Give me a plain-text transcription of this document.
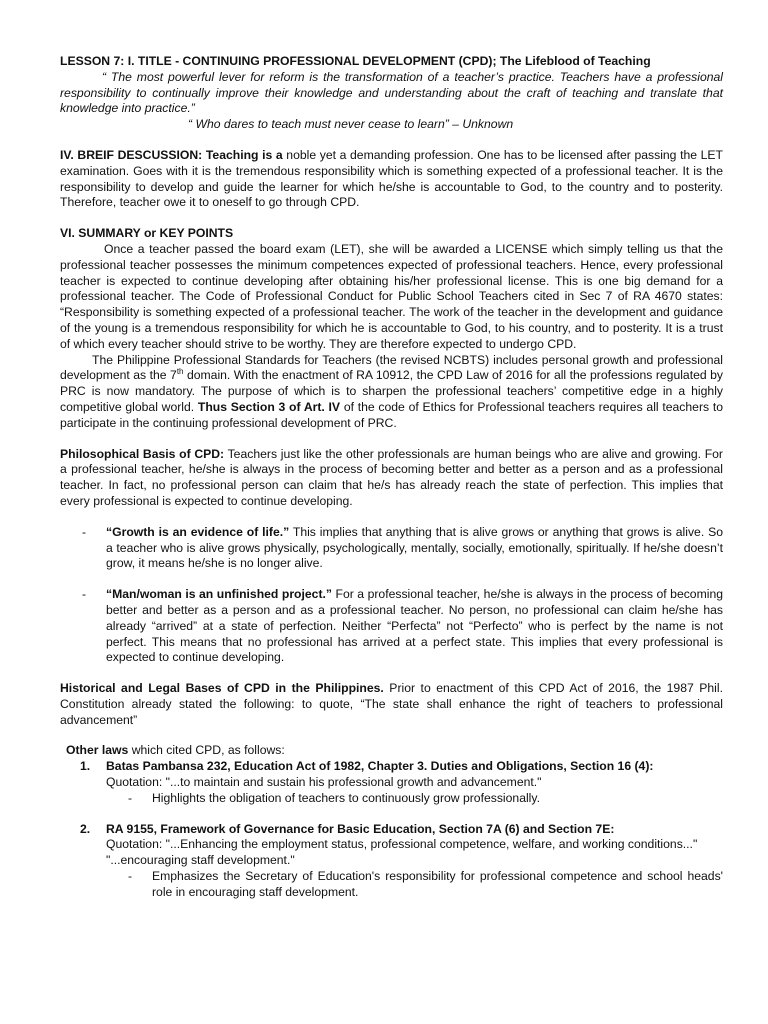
LESSON 7: I. TITLE - CONTINUING PROFESSIONAL DEVELOPMENT (CPD); The Lifeblood of Teaching

“ The most powerful lever for reform is the transformation of a teacher’s practice. Teachers have a professional responsibility to continually improve their knowledge and understanding about the craft of teaching and translate that knowledge into practice.”

“ Who dares to teach must never cease to learn” – Unknown

IV. BREIF DESCUSSION: Teaching is a noble yet a demanding profession. One has to be licensed after passing the LET examination. Goes with it is the tremendous responsibility which is something expected of a professional teacher. It is the responsibility to develop and guide the learner for which he/she is accountable to God, to the country and to posterity. Therefore, teacher owe it to oneself to go through CPD.

VI. SUMMARY or KEY POINTS

Once a teacher passed the board exam (LET), she will be awarded a LICENSE which simply telling us that the professional teacher possesses the minimum competences expected of professional teachers. Hence, every professional teacher is expected to continue developing after obtaining his/her professional license. This is one big demand for a professional teacher. The Code of Professional Conduct for Public School Teachers cited in Sec 7 of RA 4670 states: “Responsibility is something expected of a professional teacher. The work of the teacher in the development and guidance of the young is a tremendous responsibility for which he is accountable to God, to his country, and to posterity. It is a trust of which every teacher should strive to be worthy. They are therefore expected to undergo CPD.

The Philippine Professional Standards for Teachers (the revised NCBTS) includes personal growth and professional development as the 7th domain. With the enactment of RA 10912, the CPD Law of 2016 for all the professions regulated by PRC is now mandatory. The purpose of which is to sharpen the professional teachers’ competitive edge in a highly competitive global world. Thus Section 3 of Art. IV of the code of Ethics for Professional teachers requires all teachers to participate in the continuing professional development of PRC.

Philosophical Basis of CPD: Teachers just like the other professionals are human beings who are alive and growing. For a professional teacher, he/she is always in the process of becoming better and better as a person and as a professional teacher. In fact, no professional person can claim that he/s has already reach the state of perfection. This implies that every professional is expected to continue developing.

-	“Growth is an evidence of life.” This implies that anything that is alive grows or anything that grows is alive. So a teacher who is alive grows physically, psychologically, mentally, socially, emotionally, spiritually. If he/she doesn’t grow, it means he/she is no longer alive.

-	“Man/woman is an unfinished project.” For a professional teacher, he/she is always in the process of becoming better and better as a person and as a professional teacher. No person, no professional can claim he/she has already “arrived” at a state of perfection. Neither “Perfecta” not “Perfecto” who is perfect by the name is not perfect. This means that no professional has arrived at a perfect state. This implies that every professional is expected to continue developing.

Historical and Legal Bases of CPD in the Philippines. Prior to enactment of this CPD Act of 2016, the 1987 Phil. Constitution already stated the following: to quote, “The state shall enhance the right of teachers to professional advancement”

Other laws which cited CPD, as follows:

1.	Batas Pambansa 232, Education Act of 1982, Chapter 3. Duties and Obligations, Section 16 (4):

Quotation: "...to maintain and sustain his professional growth and advancement."

-	Highlights the obligation of teachers to continuously grow professionally.

2.	RA 9155, Framework of Governance for Basic Education, Section 7A (6) and Section 7E:

Quotation: "...Enhancing the employment status, professional competence, welfare, and working conditions..."

"...encouraging staff development."

-	Emphasizes the Secretary of Education's responsibility for professional competence and school heads' role in encouraging staff development.
